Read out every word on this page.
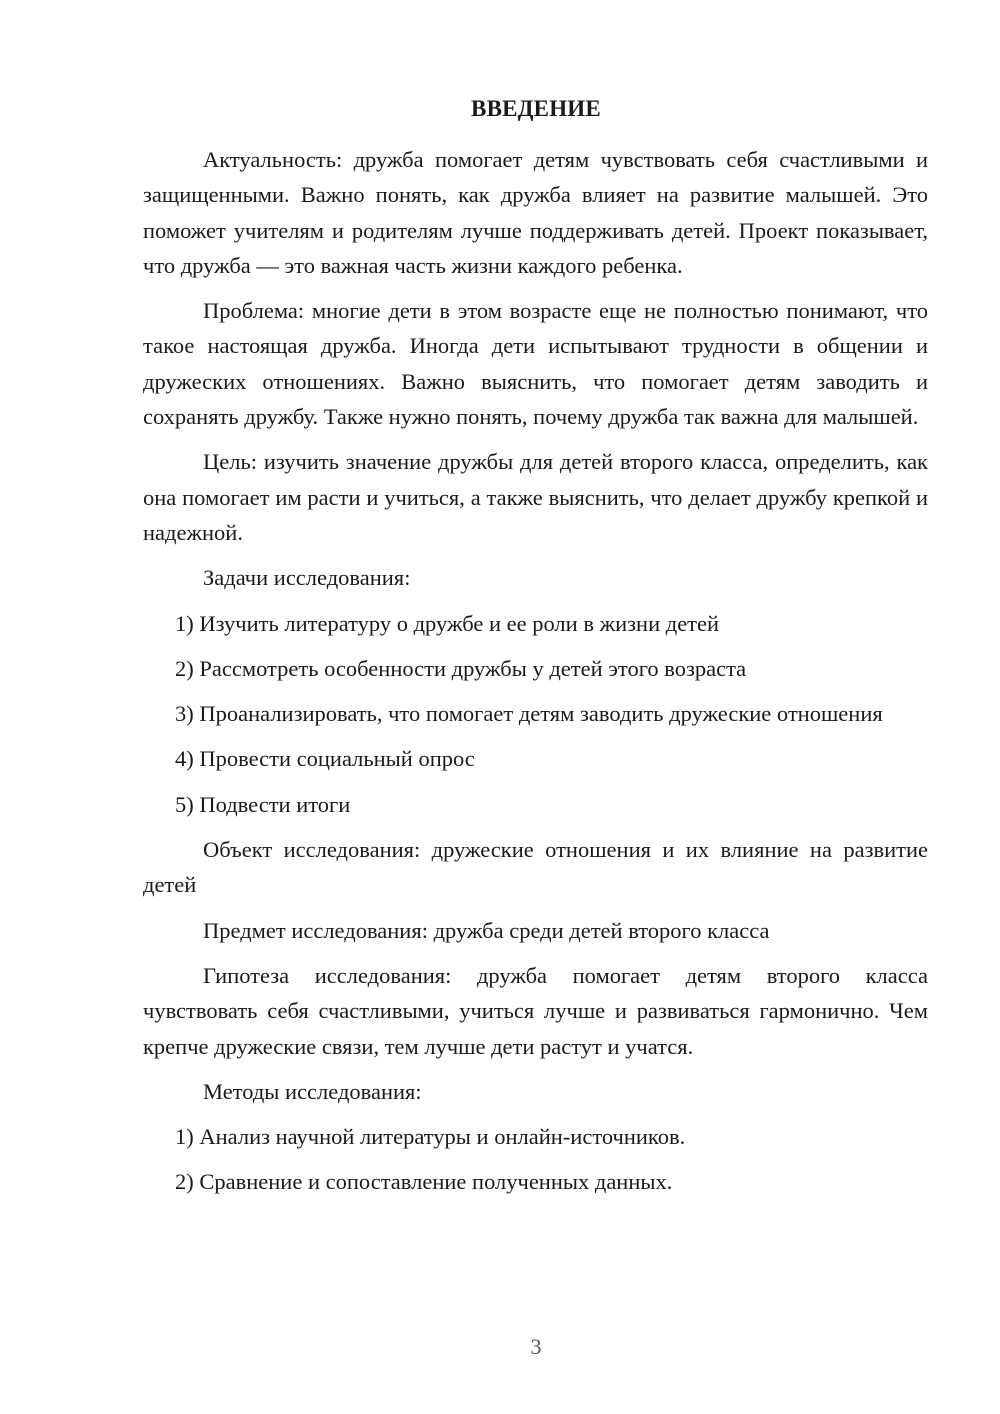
ВВЕДЕНИЕ

Актуальность: дружба помогает детям чувствовать себя счастливыми и защищенными. Важно понять, как дружба влияет на развитие малышей. Это поможет учителям и родителям лучше поддерживать детей. Проект показывает, что дружба — это важная часть жизни каждого ребенка.

Проблема: многие дети в этом возрасте еще не полностью понимают, что такое настоящая дружба. Иногда дети испытывают трудности в общении и дружеских отношениях. Важно выяснить, что помогает детям заводить и сохранять дружбу. Также нужно понять, почему дружба так важна для малышей.

Цель: изучить значение дружбы для детей второго класса, определить, как она помогает им расти и учиться, а также выяснить, что делает дружбу крепкой и надежной.

Задачи исследования:

1) Изучить литературу о дружбе и ее роли в жизни детей

2) Рассмотреть особенности дружбы у детей этого возраста

3) Проанализировать, что помогает детям заводить дружеские отношения

4) Провести социальный опрос

5) Подвести итоги

Объект исследования: дружеские отношения и их влияние на развитие детей

Предмет исследования: дружба среди детей второго класса

Гипотеза исследования: дружба помогает детям второго класса чувствовать себя счастливыми, учиться лучше и развиваться гармонично. Чем крепче дружеские связи, тем лучше дети растут и учатся.

Методы исследования:

1) Анализ научной литературы и онлайн-источников.

2) Сравнение и сопоставление полученных данных.

3
